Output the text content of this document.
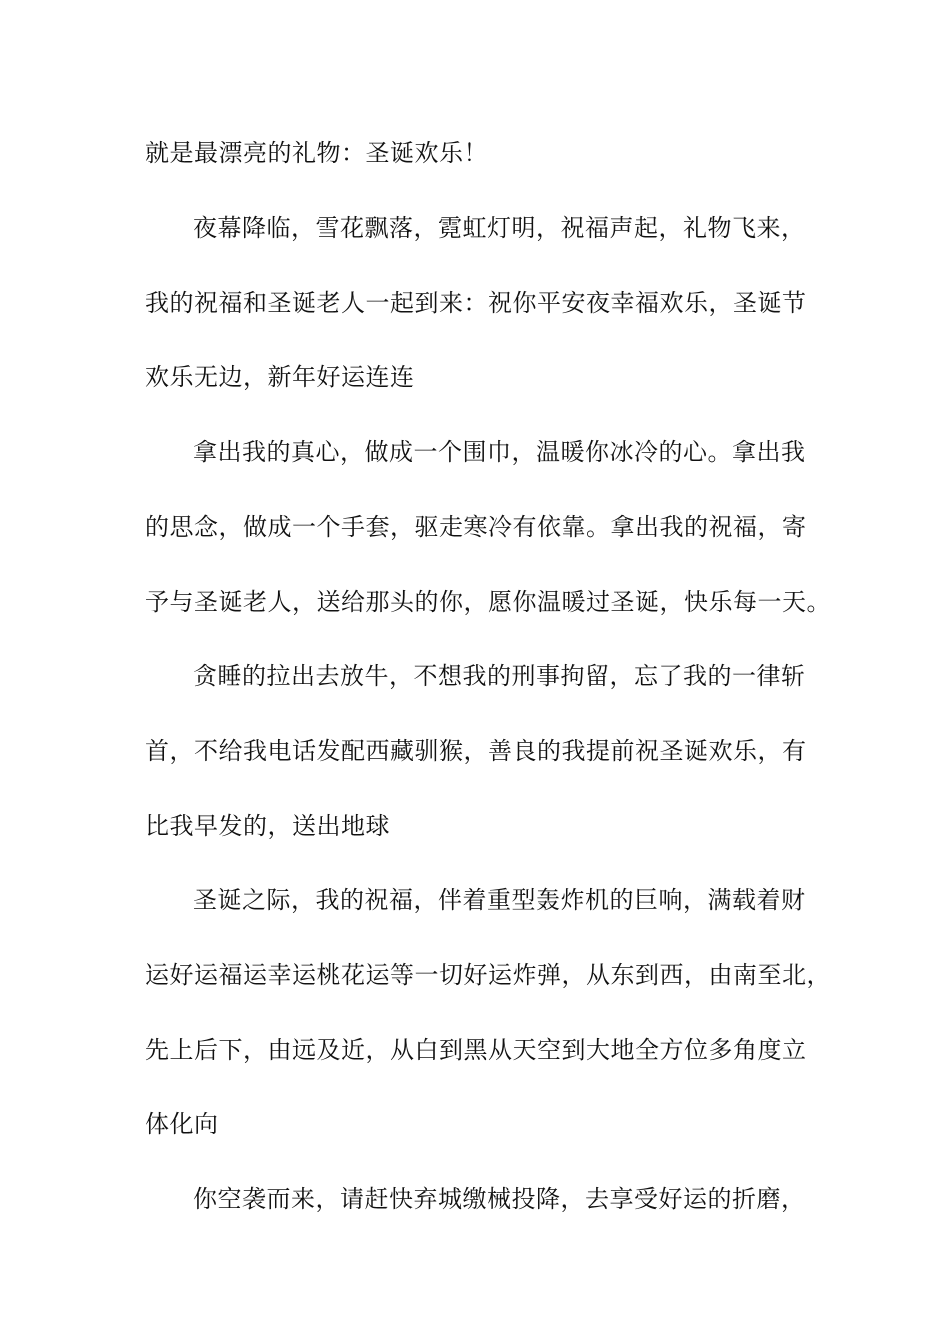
就是最漂亮的礼物：圣诞欢乐！
夜幕降临，雪花飘落，霓虹灯明，祝福声起，礼物飞来，
我的祝福和圣诞老人一起到来：祝你平安夜幸福欢乐，圣诞节
欢乐无边，新年好运连连
拿出我的真心，做成一个围巾，温暖你冰冷的心。拿出我
的思念，做成一个手套，驱走寒冷有依靠。拿出我的祝福，寄
予与圣诞老人，送给那头的你，愿你温暖过圣诞，快乐每一天。
贪睡的拉出去放牛，不想我的刑事拘留，忘了我的一律斩
首，不给我电话发配西藏驯猴，善良的我提前祝圣诞欢乐，有
比我早发的，送出地球
圣诞之际，我的祝福，伴着重型轰炸机的巨响，满载着财
运好运福运幸运桃花运等一切好运炸弹，从东到西，由南至北，
先上后下，由远及近，从白到黑从天空到大地全方位多角度立
体化向
你空袭而来，请赶快弃城缴械投降，去享受好运的折磨，
